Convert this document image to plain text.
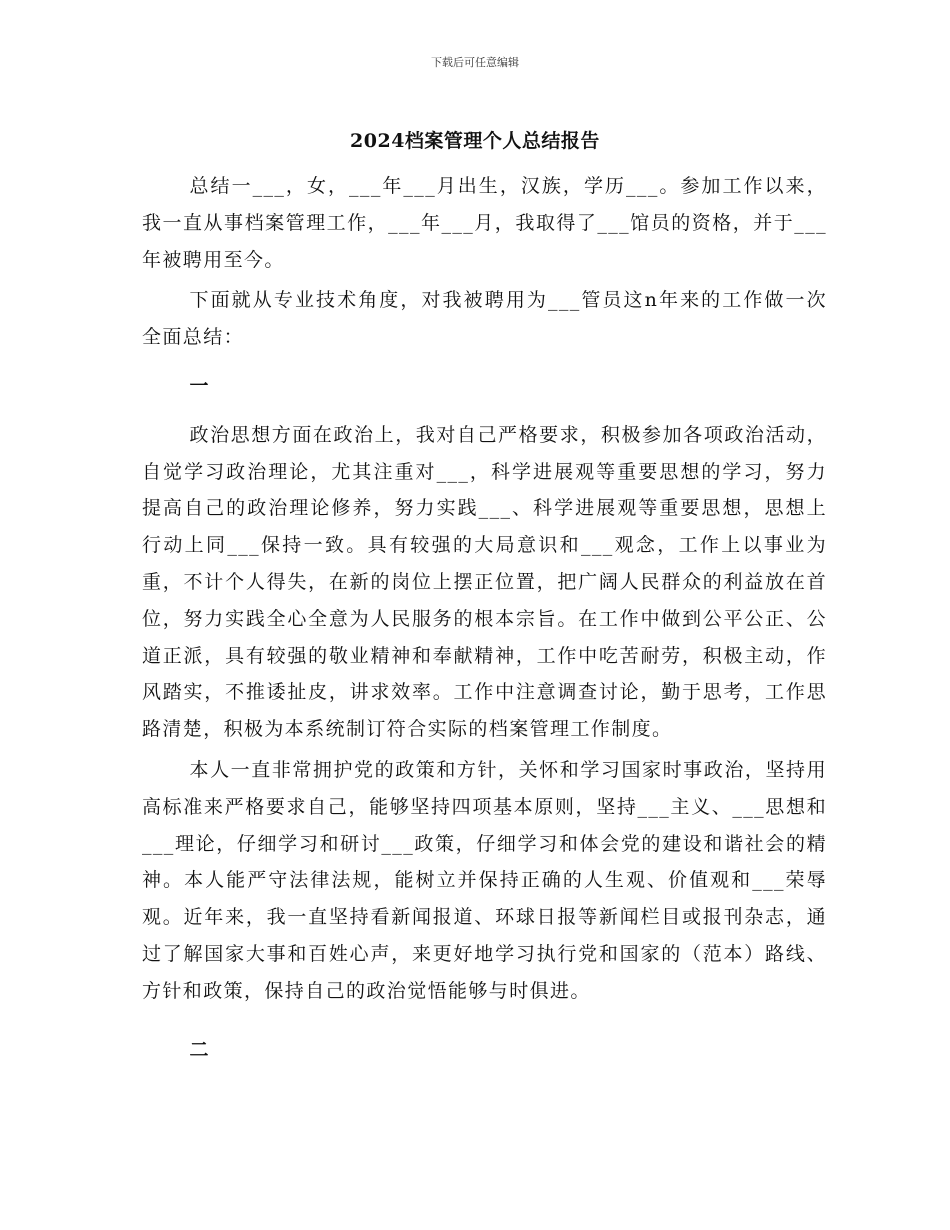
下载后可任意编辑
2024档案管理个人总结报告

总结一___，女，___年___月出生，汉族，学历___。参加工作以来，我一直从事档案管理工作，___年___月，我取得了___馆员的资格，并于___年被聘用至今。

下面就从专业技术角度，对我被聘用为___管员这n年来的工作做一次全面总结：

一

政治思想方面在政治上，我对自己严格要求，积极参加各项政治活动，自觉学习政治理论，尤其注重对___，科学进展观等重要思想的学习，努力提高自己的政治理论修养，努力实践___、科学进展观等重要思想，思想上行动上同___保持一致。具有较强的大局意识和___观念，工作上以事业为重，不计个人得失，在新的岗位上摆正位置，把广阔人民群众的利益放在首位，努力实践全心全意为人民服务的根本宗旨。在工作中做到公平公正、公道正派，具有较强的敬业精神和奉献精神，工作中吃苦耐劳，积极主动，作风踏实，不推诿扯皮，讲求效率。工作中注意调查讨论，勤于思考，工作思路清楚，积极为本系统制订符合实际的档案管理工作制度。

本人一直非常拥护党的政策和方针，关怀和学习国家时事政治，坚持用高标准来严格要求自己，能够坚持四项基本原则，坚持___主义、___思想和___理论，仔细学习和研讨___政策，仔细学习和体会党的建设和谐社会的精神。本人能严守法律法规，能树立并保持正确的人生观、价值观和___荣辱观。近年来，我一直坚持看新闻报道、环球日报等新闻栏目或报刊杂志，通过了解国家大事和百姓心声，来更好地学习执行党和国家的（范本）路线、方针和政策，保持自己的政治觉悟能够与时俱进。

二
